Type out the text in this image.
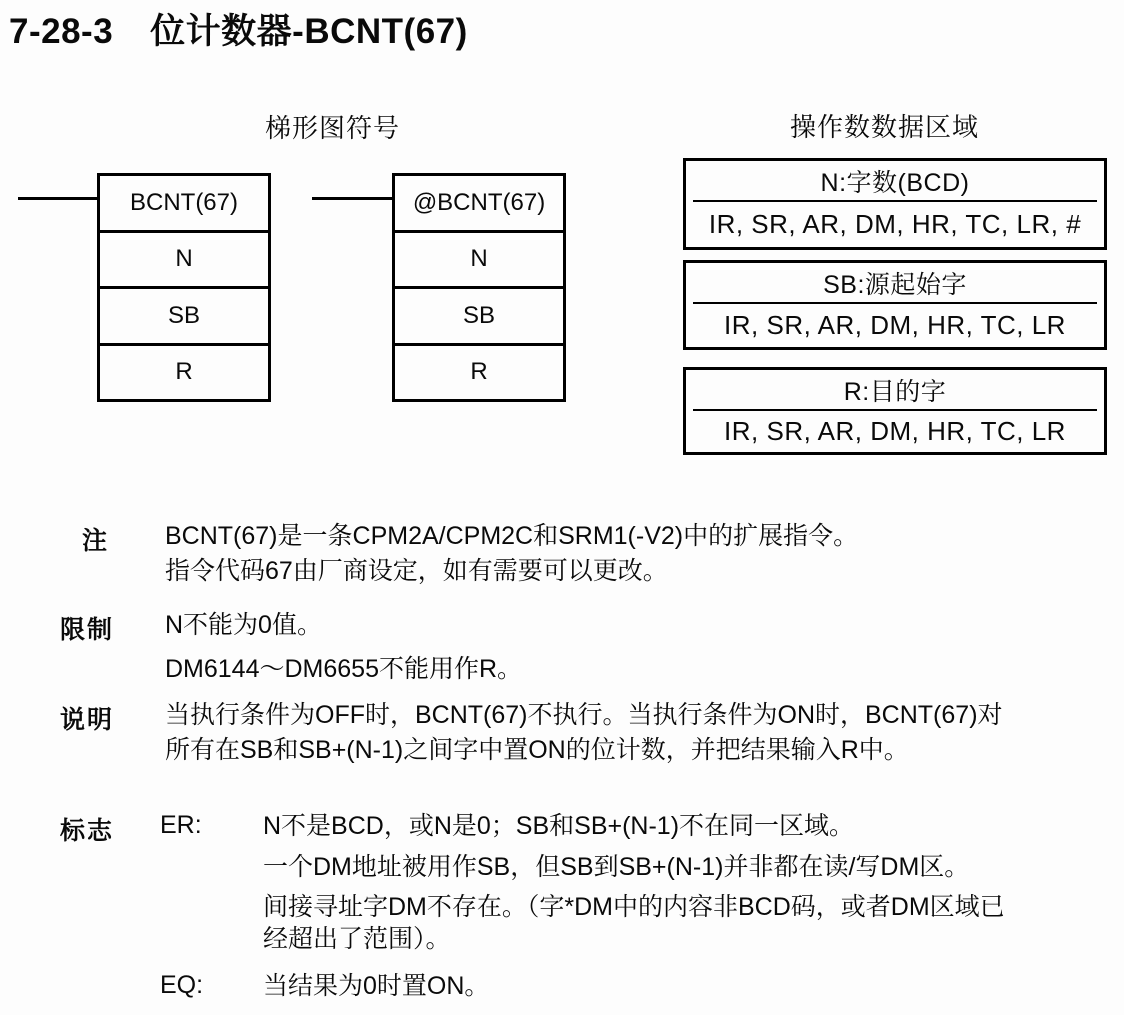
7-28-3 位计数器-BCNT(67)
梯形图符号	操作数数据区域
BCNT(67)
N
SB
R
@BCNT(67)
N
SB
R
N:字数(BCD)
IR, SR, AR, DM, HR, TC, LR, #
SB:源起始字
IR, SR, AR, DM, HR, TC, LR
R:目的字
IR, SR, AR, DM, HR, TC, LR
注 BCNT(67)是一条CPM2A/CPM2C和SRM1(-V2)中的扩展指令。
指令代码67由厂商设定，如有需要可以更改。
限制 N不能为0值。
DM6144～DM6655不能用作R。
说明 当执行条件为OFF时，BCNT(67)不执行。当执行条件为ON时，BCNT(67)对
所有在SB和SB+(N-1)之间字中置ON的位计数，并把结果输入R中。
标志 ER: N不是BCD，或N是0；SB和SB+(N-1)不在同一区域。
一个DM地址被用作SB，但SB到SB+(N-1)并非都在读/写DM区。
间接寻址字DM不存在。（字*DM中的内容非BCD码，或者DM区域已
经超出了范围）。
EQ: 当结果为0时置ON。
